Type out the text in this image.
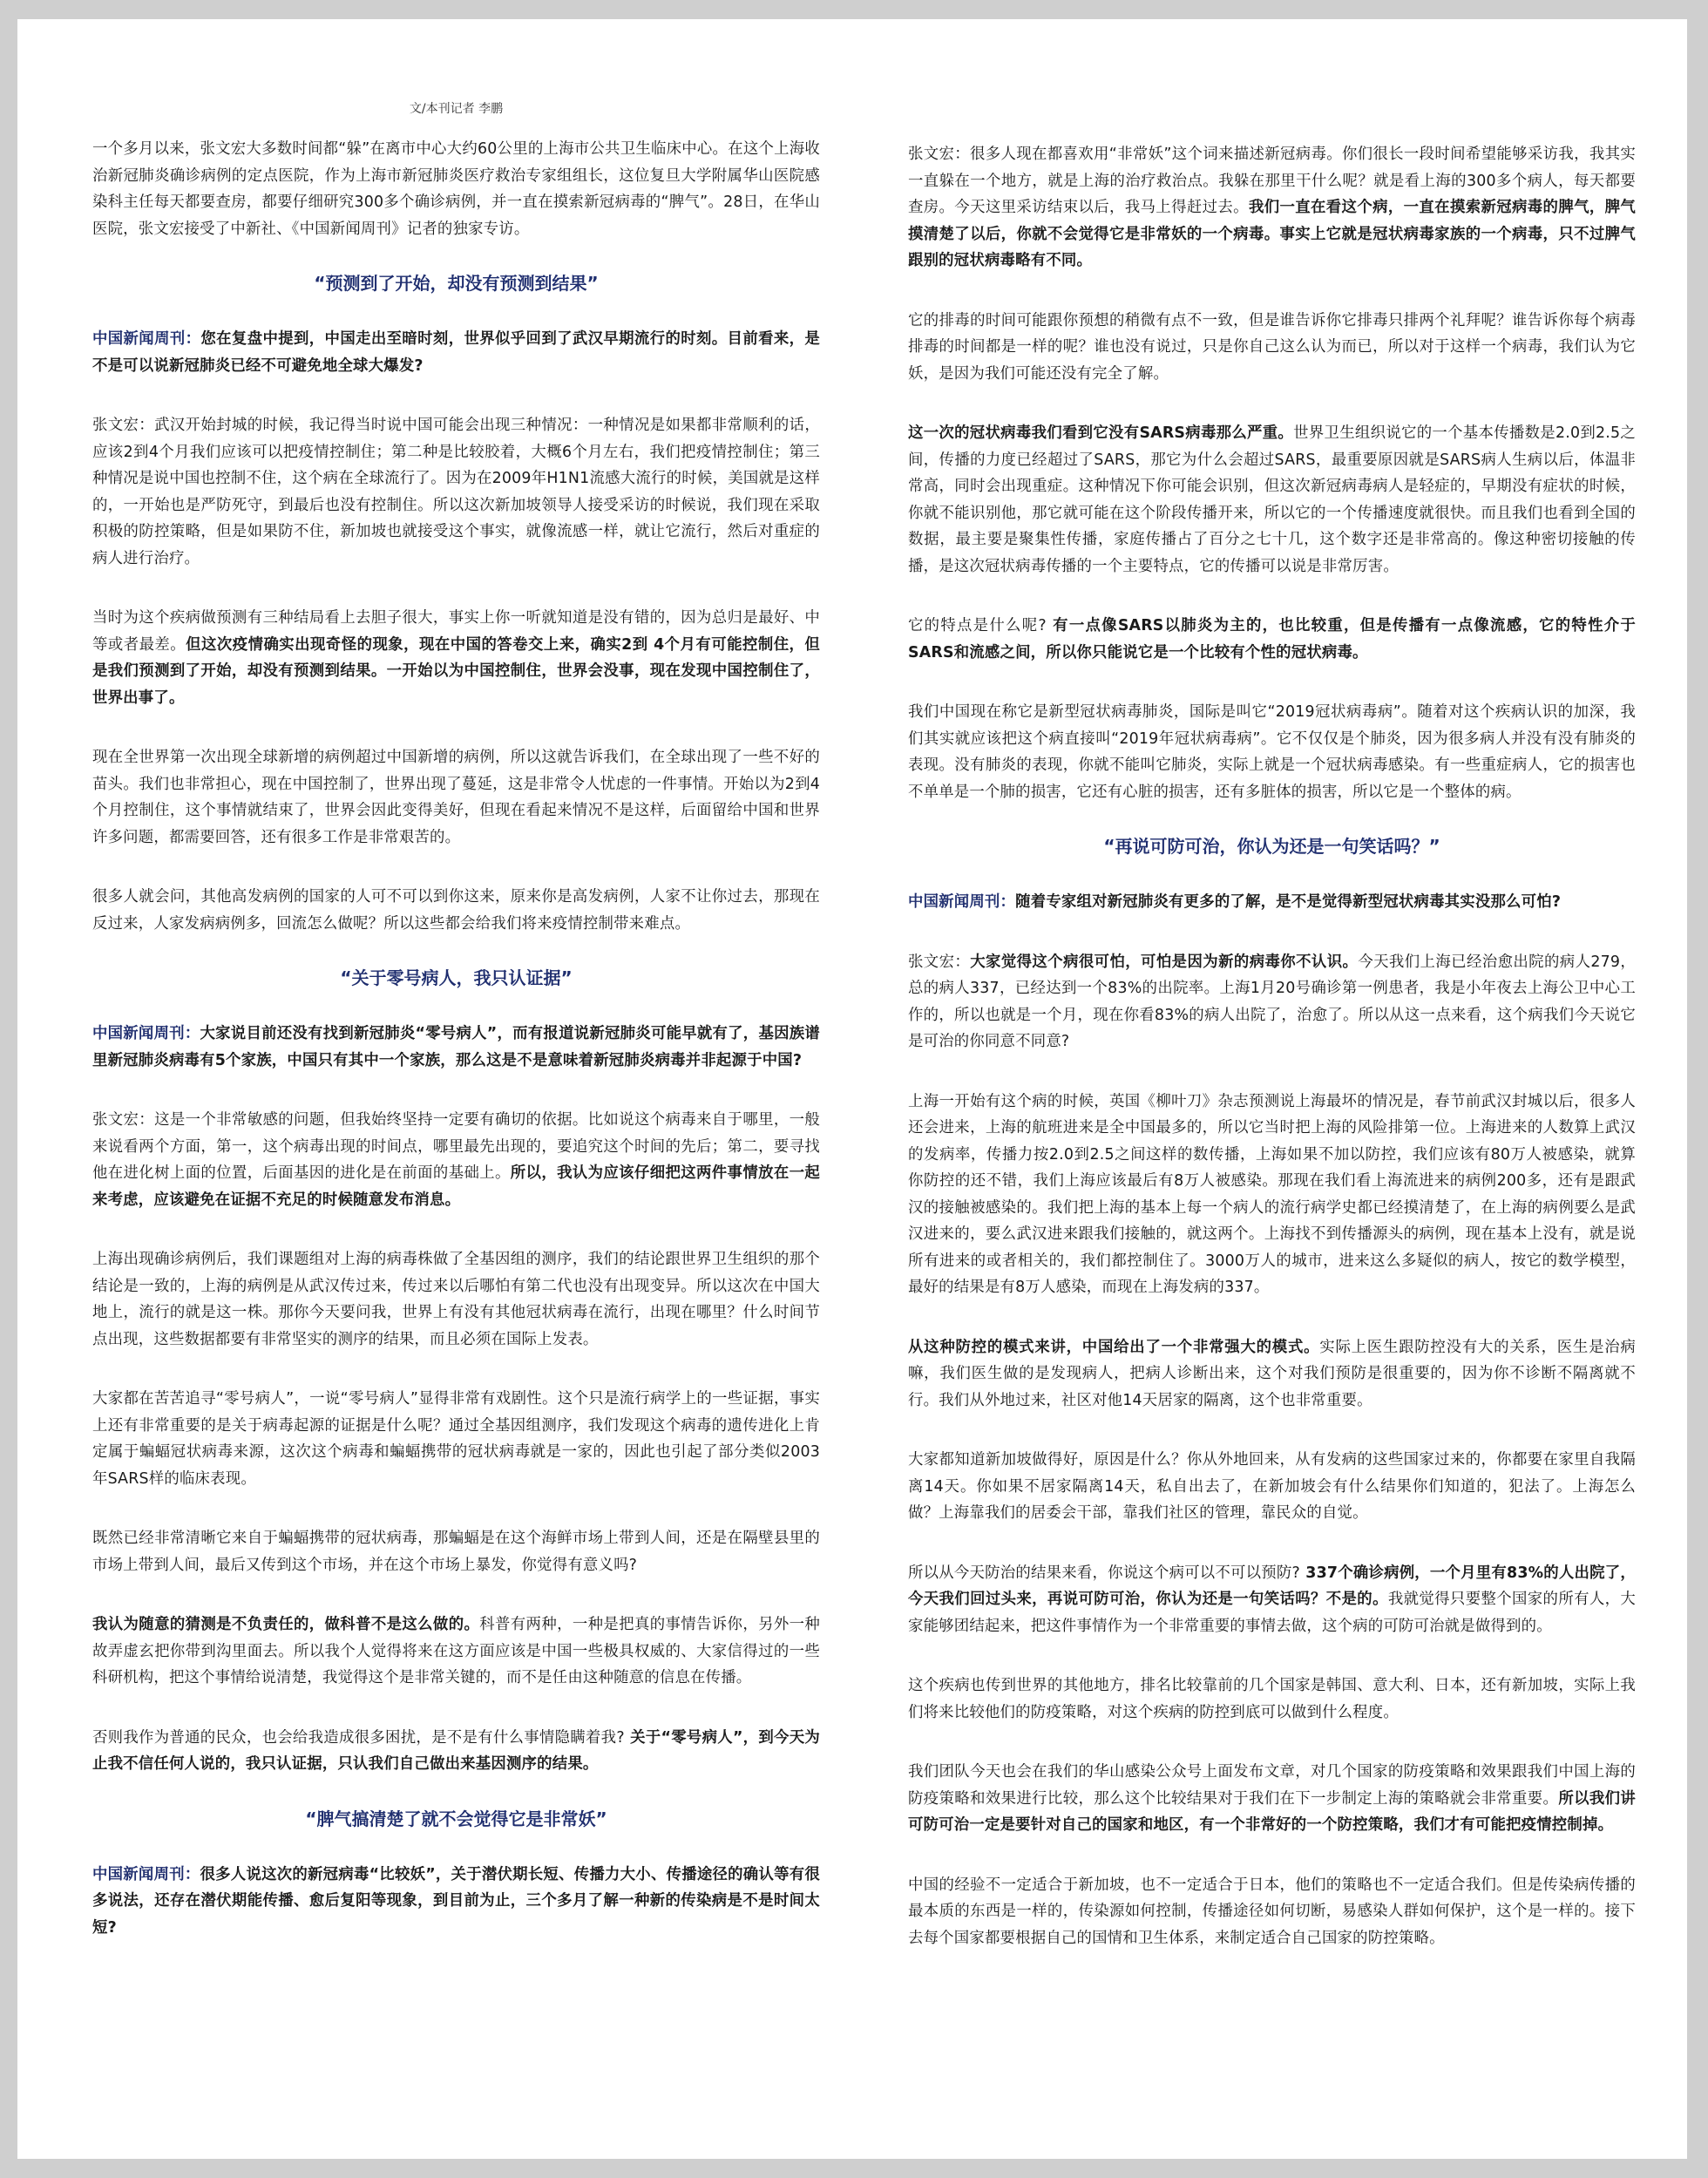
文/本刊记者 李鹏

一个多月以来，张文宏大多数时间都“躲”在离市中心大约60公里的上海市公共卫生临床中心。在这个上海收治新冠肺炎确诊病例的定点医院，作为上海市新冠肺炎医疗救治专家组组长，这位复旦大学附属华山医院感染科主任每天都要查房，都要仔细研究300多个确诊病例，并一直在摸索新冠病毒的“脾气”。28日，在华山医院，张文宏接受了中新社、《中国新闻周刊》记者的独家专访。

“预测到了开始，却没有预测到结果”

中国新闻周刊：您在复盘中提到，中国走出至暗时刻，世界似乎回到了武汉早期流行的时刻。目前看来，是不是可以说新冠肺炎已经不可避免地全球大爆发?

张文宏：武汉开始封城的时候，我记得当时说中国可能会出现三种情况：一种情况是如果都非常顺利的话，应该2到4个月我们应该可以把疫情控制住；第二种是比较胶着，大概6个月左右，我们把疫情控制住；第三种情况是说中国也控制不住，这个病在全球流行了。因为在2009年H1N1流感大流行的时候，美国就是这样的，一开始也是严防死守，到最后也没有控制住。所以这次新加坡领导人接受采访的时候说，我们现在采取积极的防控策略，但是如果防不住，新加坡也就接受这个事实，就像流感一样，就让它流行，然后对重症的病人进行治疗。

当时为这个疾病做预测有三种结局看上去胆子很大，事实上你一听就知道是没有错的，因为总归是最好、中等或者最差。但这次疫情确实出现奇怪的现象，现在中国的答卷交上来，确实2到 4个月有可能控制住，但是我们预测到了开始，却没有预测到结果。一开始以为中国控制住，世界会没事，现在发现中国控制住了，世界出事了。

现在全世界第一次出现全球新增的病例超过中国新增的病例，所以这就告诉我们，在全球出现了一些不好的苗头。我们也非常担心，现在中国控制了，世界出现了蔓延，这是非常令人忧虑的一件事情。开始以为2到4个月控制住，这个事情就结束了，世界会因此变得美好，但现在看起来情况不是这样，后面留给中国和世界许多问题，都需要回答，还有很多工作是非常艰苦的。

很多人就会问，其他高发病例的国家的人可不可以到你这来，原来你是高发病例，人家不让你过去，那现在反过来，人家发病病例多，回流怎么做呢？所以这些都会给我们将来疫情控制带来难点。

“关于零号病人，我只认证据”

中国新闻周刊：大家说目前还没有找到新冠肺炎“零号病人”，而有报道说新冠肺炎可能早就有了，基因族谱里新冠肺炎病毒有5个家族，中国只有其中一个家族，那么这是不是意味着新冠肺炎病毒并非起源于中国?

张文宏：这是一个非常敏感的问题，但我始终坚持一定要有确切的依据。比如说这个病毒来自于哪里，一般来说看两个方面，第一，这个病毒出现的时间点，哪里最先出现的，要追究这个时间的先后；第二，要寻找他在进化树上面的位置，后面基因的进化是在前面的基础上。所以，我认为应该仔细把这两件事情放在一起来考虑，应该避免在证据不充足的时候随意发布消息。

上海出现确诊病例后，我们课题组对上海的病毒株做了全基因组的测序，我们的结论跟世界卫生组织的那个结论是一致的，上海的病例是从武汉传过来，传过来以后哪怕有第二代也没有出现变异。所以这次在中国大地上，流行的就是这一株。那你今天要问我，世界上有没有其他冠状病毒在流行，出现在哪里？什么时间节点出现，这些数据都要有非常坚实的测序的结果，而且必须在国际上发表。

大家都在苦苦追寻“零号病人”，一说“零号病人”显得非常有戏剧性。这个只是流行病学上的一些证据，事实上还有非常重要的是关于病毒起源的证据是什么呢？通过全基因组测序，我们发现这个病毒的遗传进化上肯定属于蝙蝠冠状病毒来源，这次这个病毒和蝙蝠携带的冠状病毒就是一家的，因此也引起了部分类似2003年SARS样的临床表现。

既然已经非常清晰它来自于蝙蝠携带的冠状病毒，那蝙蝠是在这个海鲜市场上带到人间，还是在隔壁县里的市场上带到人间，最后又传到这个市场，并在这个市场上暴发，你觉得有意义吗?

我认为随意的猜测是不负责任的，做科普不是这么做的。科普有两种，一种是把真的事情告诉你，另外一种故弄虚玄把你带到沟里面去。所以我个人觉得将来在这方面应该是中国一些极具权威的、大家信得过的一些科研机构，把这个事情给说清楚，我觉得这个是非常关键的，而不是任由这种随意的信息在传播。

否则我作为普通的民众，也会给我造成很多困扰，是不是有什么事情隐瞒着我? 关于“零号病人”，到今天为止我不信任何人说的，我只认证据，只认我们自己做出来基因测序的结果。

“脾气搞清楚了就不会觉得它是非常妖”

中国新闻周刊：很多人说这次的新冠病毒“比较妖”，关于潜伏期长短、传播力大小、传播途径的确认等有很多说法，还存在潜伏期能传播、愈后复阳等现象，到目前为止，三个多月了解一种新的传染病是不是时间太短?

张文宏：很多人现在都喜欢用“非常妖”这个词来描述新冠病毒。你们很长一段时间希望能够采访我，我其实一直躲在一个地方，就是上海的治疗救治点。我躲在那里干什么呢？就是看上海的300多个病人，每天都要查房。今天这里采访结束以后，我马上得赶过去。我们一直在看这个病，一直在摸索新冠病毒的脾气，脾气摸清楚了以后，你就不会觉得它是非常妖的一个病毒。事实上它就是冠状病毒家族的一个病毒，只不过脾气跟别的冠状病毒略有不同。

它的排毒的时间可能跟你预想的稍微有点不一致，但是谁告诉你它排毒只排两个礼拜呢？谁告诉你每个病毒排毒的时间都是一样的呢？谁也没有说过，只是你自己这么认为而已，所以对于这样一个病毒，我们认为它妖，是因为我们可能还没有完全了解。

这一次的冠状病毒我们看到它没有SARS病毒那么严重。世界卫生组织说它的一个基本传播数是2.0到2.5之间，传播的力度已经超过了SARS，那它为什么会超过SARS，最重要原因就是SARS病人生病以后，体温非常高，同时会出现重症。这种情况下你可能会识别，但这次新冠病毒病人是轻症的，早期没有症状的时候，你就不能识别他，那它就可能在这个阶段传播开来，所以它的一个传播速度就很快。而且我们也看到全国的数据，最主要是聚集性传播，家庭传播占了百分之七十几，这个数字还是非常高的。像这种密切接触的传播，是这次冠状病毒传播的一个主要特点，它的传播可以说是非常厉害。

它的特点是什么呢? 有一点像SARS以肺炎为主的，也比较重，但是传播有一点像流感，它的特性介于SARS和流感之间，所以你只能说它是一个比较有个性的冠状病毒。

我们中国现在称它是新型冠状病毒肺炎，国际是叫它“2019冠状病毒病”。随着对这个疾病认识的加深，我们其实就应该把这个病直接叫“2019年冠状病毒病”。它不仅仅是个肺炎，因为很多病人并没有没有肺炎的表现。没有肺炎的表现，你就不能叫它肺炎，实际上就是一个冠状病毒感染。有一些重症病人，它的损害也不单单是一个肺的损害，它还有心脏的损害，还有多脏体的损害，所以它是一个整体的病。

“再说可防可治，你认为还是一句笑话吗？”

中国新闻周刊：随着专家组对新冠肺炎有更多的了解，是不是觉得新型冠状病毒其实没那么可怕?

张文宏：大家觉得这个病很可怕，可怕是因为新的病毒你不认识。今天我们上海已经治愈出院的病人279，总的病人337，已经达到一个83%的出院率。上海1月20号确诊第一例患者，我是小年夜去上海公卫中心工作的，所以也就是一个月，现在你看83%的病人出院了，治愈了。所以从这一点来看，这个病我们今天说它是可治的你同意不同意?

上海一开始有这个病的时候，英国《柳叶刀》杂志预测说上海最坏的情况是，春节前武汉封城以后，很多人还会进来，上海的航班进来是全中国最多的，所以它当时把上海的风险排第一位。上海进来的人数算上武汉的发病率，传播力按2.0到2.5之间这样的数传播，上海如果不加以防控，我们应该有80万人被感染，就算你防控的还不错，我们上海应该最后有8万人被感染。那现在我们看上海流进来的病例200多，还有是跟武汉的接触被感染的。我们把上海的基本上每一个病人的流行病学史都已经摸清楚了，在上海的病例要么是武汉进来的，要么武汉进来跟我们接触的，就这两个。上海找不到传播源头的病例，现在基本上没有，就是说所有进来的或者相关的，我们都控制住了。3000万人的城市，进来这么多疑似的病人，按它的数学模型，最好的结果是有8万人感染，而现在上海发病的337。

从这种防控的模式来讲，中国给出了一个非常强大的模式。实际上医生跟防控没有大的关系，医生是治病嘛，我们医生做的是发现病人，把病人诊断出来，这个对我们预防是很重要的，因为你不诊断不隔离就不行。我们从外地过来，社区对他14天居家的隔离，这个也非常重要。

大家都知道新加坡做得好，原因是什么？你从外地回来，从有发病的这些国家过来的，你都要在家里自我隔离14天。你如果不居家隔离14天，私自出去了，在新加坡会有什么结果你们知道的，犯法了。上海怎么做？上海靠我们的居委会干部，靠我们社区的管理，靠民众的自觉。

所以从今天防治的结果来看，你说这个病可以不可以预防? 337个确诊病例，一个月里有83%的人出院了，今天我们回过头来，再说可防可治，你认为还是一句笑话吗？不是的。我就觉得只要整个国家的所有人，大家能够团结起来，把这件事情作为一个非常重要的事情去做，这个病的可防可治就是做得到的。

这个疾病也传到世界的其他地方，排名比较靠前的几个国家是韩国、意大利、日本，还有新加坡，实际上我们将来比较他们的防疫策略，对这个疾病的防控到底可以做到什么程度。

我们团队今天也会在我们的华山感染公众号上面发布文章，对几个国家的防疫策略和效果跟我们中国上海的防疫策略和效果进行比较，那么这个比较结果对于我们在下一步制定上海的策略就会非常重要。所以我们讲可防可治一定是要针对自己的国家和地区，有一个非常好的一个防控策略，我们才有可能把疫情控制掉。

中国的经验不一定适合于新加坡，也不一定适合于日本，他们的策略也不一定适合我们。但是传染病传播的最本质的东西是一样的，传染源如何控制，传播途径如何切断，易感染人群如何保护，这个是一样的。接下去每个国家都要根据自己的国情和卫生体系，来制定适合自己国家的防控策略。
